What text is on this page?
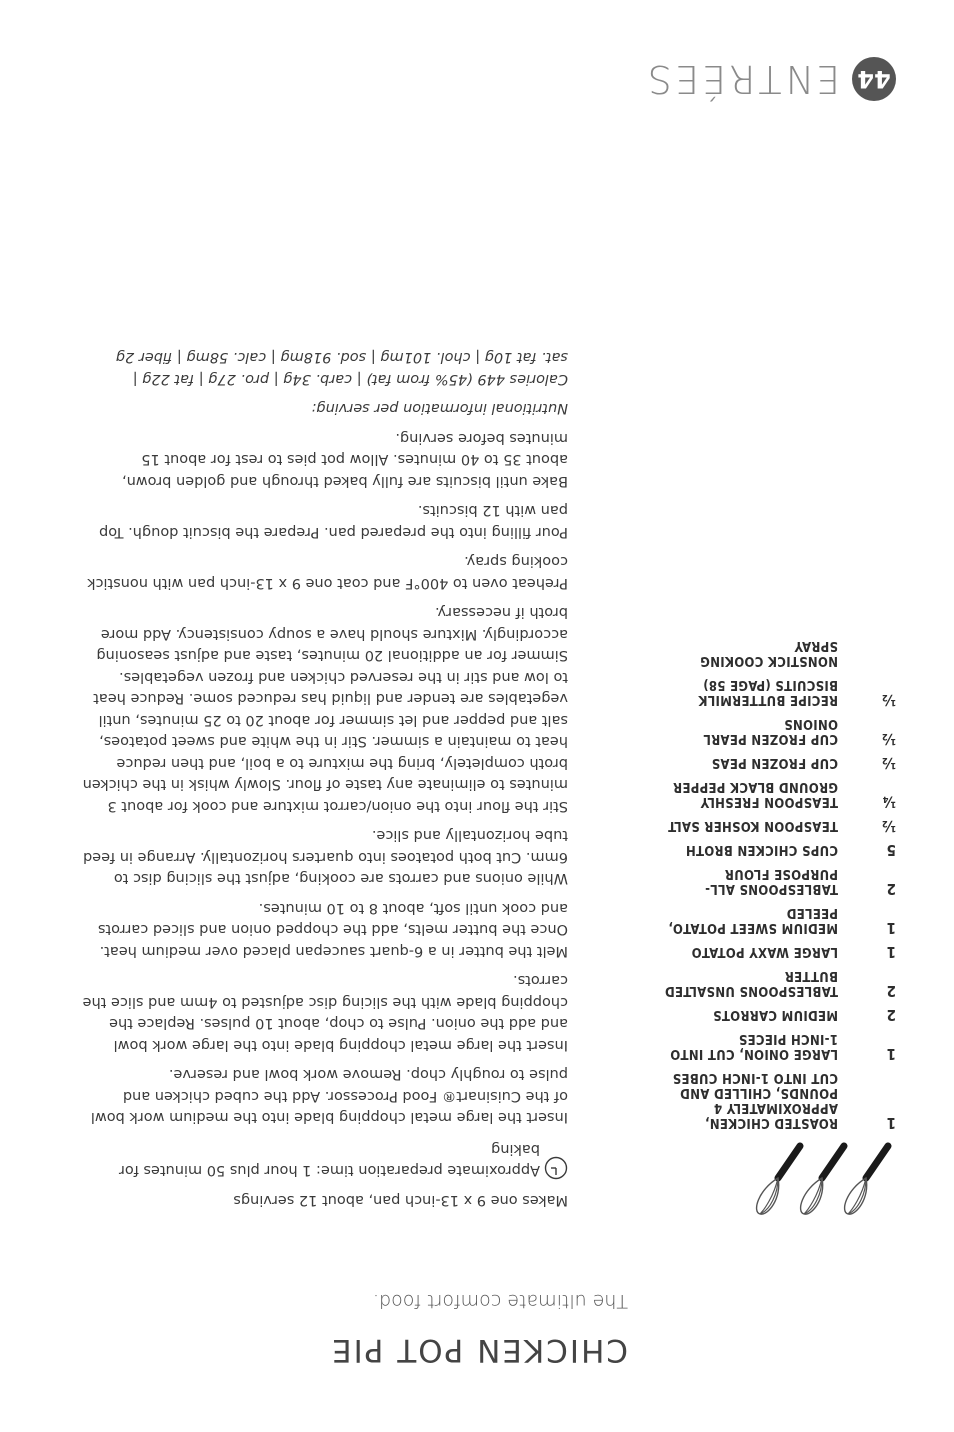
44
ENTRÉES
CHICKEN POT PIE
The ultimate comfort food.
1
ROASTED CHICKEN, APPROXIMATELY 4 POUNDS, CHILLED AND CUT INTO 1-INCH CUBES
1
LARGE ONION, CUT INTO 1-INCH PIECES
2
MEDIUM CARROTS
2
TABLESPOONS UNSALTED BUTTER
1
LARGE WAXY POTATO
1
MEDIUM SWEET POTATO, PEELED
2
TABLESPOONS ALL-PURPOSE FLOUR
5
CUPS CHICKEN BROTH
½
TEASPOON KOSHER SALT
¼
TEASPOON FRESHLY GROUND BLACK PEPPER
½
CUP FROZEN PEAS
½
CUP FROZEN PEARL ONIONS
½
RECIPE BUTTERMILK BISCUITS (PAGE 58)
NONSTICK COOKING SPRAY

Makes one 9 x 13-inch pan, about 12 servings

Approximate preparation time: 1 hour plus 50 minutes for baking

Insert the large metal chopping blade into the medium work bowl of the Cuisinart® Food Processor. Add the cubed chicken and pulse to roughly chop. Remove work bowl and reserve.

Insert the large metal chopping blade into the large work bowl and add the onion. Pulse to chop, about 10 pulses. Replace the chopping blade with the slicing disc adjusted to 4mm and slice the carrots.

Melt the butter in a 6-quart saucepan placed over medium heat. Once the butter melts, add the chopped onion and sliced carrots and cook until soft, about 8 to 10 minutes.

While onions and carrots are cooking, adjust the slicing disc to 6mm. Cut both potatoes into quarters horizontally. Arrange in feed tube horizontally and slice.

Stir the flour into the onion/carrot mixture and cook for about 3 minutes to eliminate any taste of flour. Slowly whisk in the chicken broth completely, bring the mixture to a boil, and then reduce heat to maintain a simmer. Stir in the white and sweet potatoes, salt and pepper and let simmer for about 20 to 25 minutes, until vegetables are tender and liquid has reduced some. Reduce heat to low and stir in the reserved chicken and frozen vegetables. Simmer for an additional 20 minutes, taste and adjust seasoning accordingly. Mixture should have a soupy consistency. Add more broth if necessary.

Preheat oven to 400°F and coat one 9 x 13-inch pan with nonstick cooking spray.

Pour filling into the prepared pan. Prepare the biscuit dough. Top pan with 12 biscuits.

Bake until biscuits are fully baked through and golden brown, about 35 to 40 minutes. Allow pot pies to rest for about 15 minutes before serving.

Nutritional information per serving:

Calories 449 (45% from fat) | carb. 34g | pro. 27g | fat 22g |
sat. fat 10g | chol. 101mg | sod. 918mg | calc. 58mg | fiber 2g
